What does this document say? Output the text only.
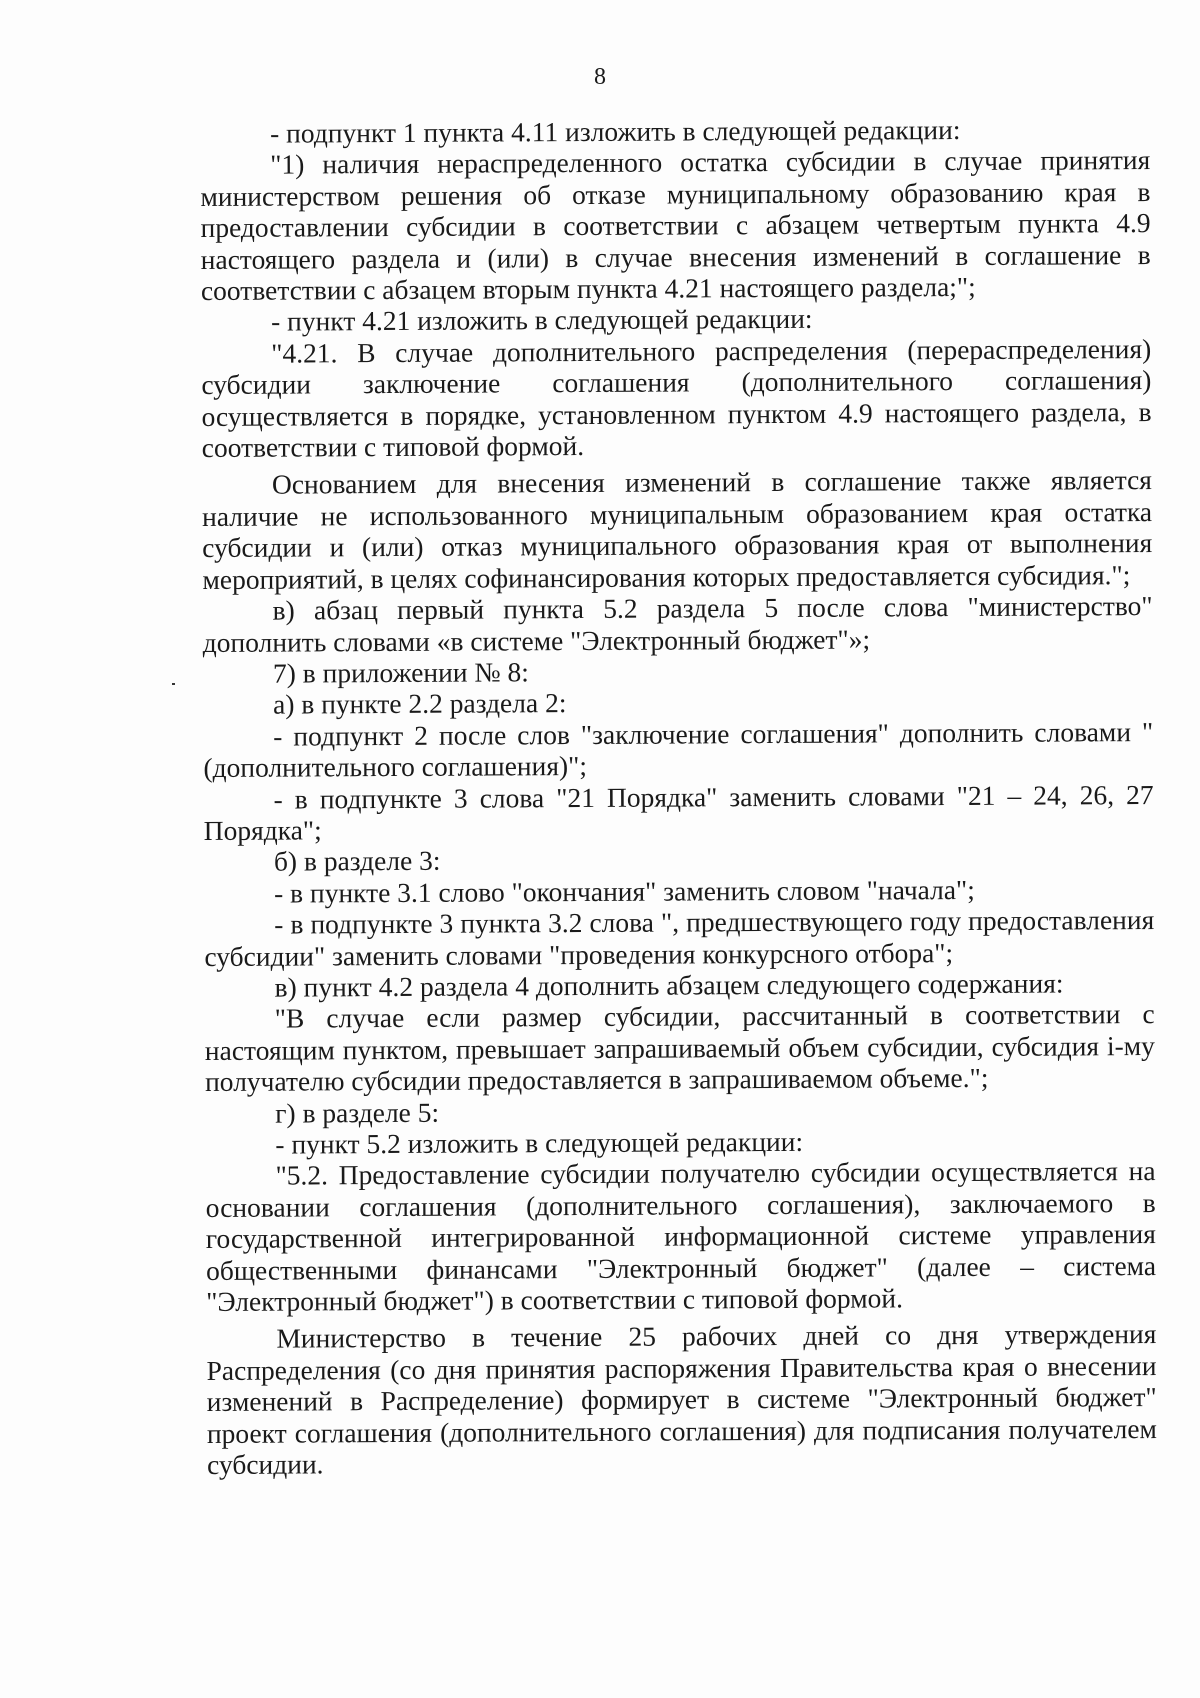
8

- подпункт 1 пункта 4.11 изложить в следующей редакции:

"1) наличия нераспределенного остатка субсидии в случае принятия министерством решения об отказе муниципальному образованию края в предоставлении субсидии в соответствии с абзацем четвертым пункта 4.9 настоящего раздела и (или) в случае внесения изменений в соглашение в соответствии с абзацем вторым пункта 4.21 настоящего раздела;";

- пункт 4.21 изложить в следующей редакции:

"4.21. В случае дополнительного распределения (перераспределения) субсидии заключение соглашения (дополнительного соглашения) осуществляется в порядке, установленном пунктом 4.9 настоящего раздела, в соответствии с типовой формой.

Основанием для внесения изменений в соглашение также является наличие не использованного муниципальным образованием края остатка субсидии и (или) отказ муниципального образования края от выполнения мероприятий, в целях софинансирования которых предоставляется субсидия.";

в) абзац первый пункта 5.2 раздела 5 после слова "министерство" дополнить словами «в системе "Электронный бюджет"»;

7) в приложении № 8:

а) в пункте 2.2 раздела 2:

- подпункт 2 после слов "заключение соглашения" дополнить словами "(дополнительного соглашения)";

- в подпункте 3 слова "21 Порядка" заменить словами "21 – 24, 26, 27 Порядка";

б) в разделе 3:

- в пункте 3.1 слово "окончания" заменить словом "начала";

- в подпункте 3 пункта 3.2 слова ", предшествующего году предоставления субсидии" заменить словами "проведения конкурсного отбора";

в) пункт 4.2 раздела 4 дополнить абзацем следующего содержания:

"В случае если размер субсидии, рассчитанный в соответствии с настоящим пунктом, превышает запрашиваемый объем субсидии, субсидия i-му получателю субсидии предоставляется в запрашиваемом объеме.";

г) в разделе 5:

- пункт 5.2 изложить в следующей редакции:

"5.2. Предоставление субсидии получателю субсидии осуществляется на основании соглашения (дополнительного соглашения), заключаемого в государственной интегрированной информационной системе управления общественными финансами "Электронный бюджет" (далее – система "Электронный бюджет") в соответствии с типовой формой.

Министерство в течение 25 рабочих дней со дня утверждения Распределения (со дня принятия распоряжения Правительства края о внесении изменений в Распределение) формирует в системе "Электронный бюджет" проект соглашения (дополнительного соглашения) для подписания получателем субсидии.
